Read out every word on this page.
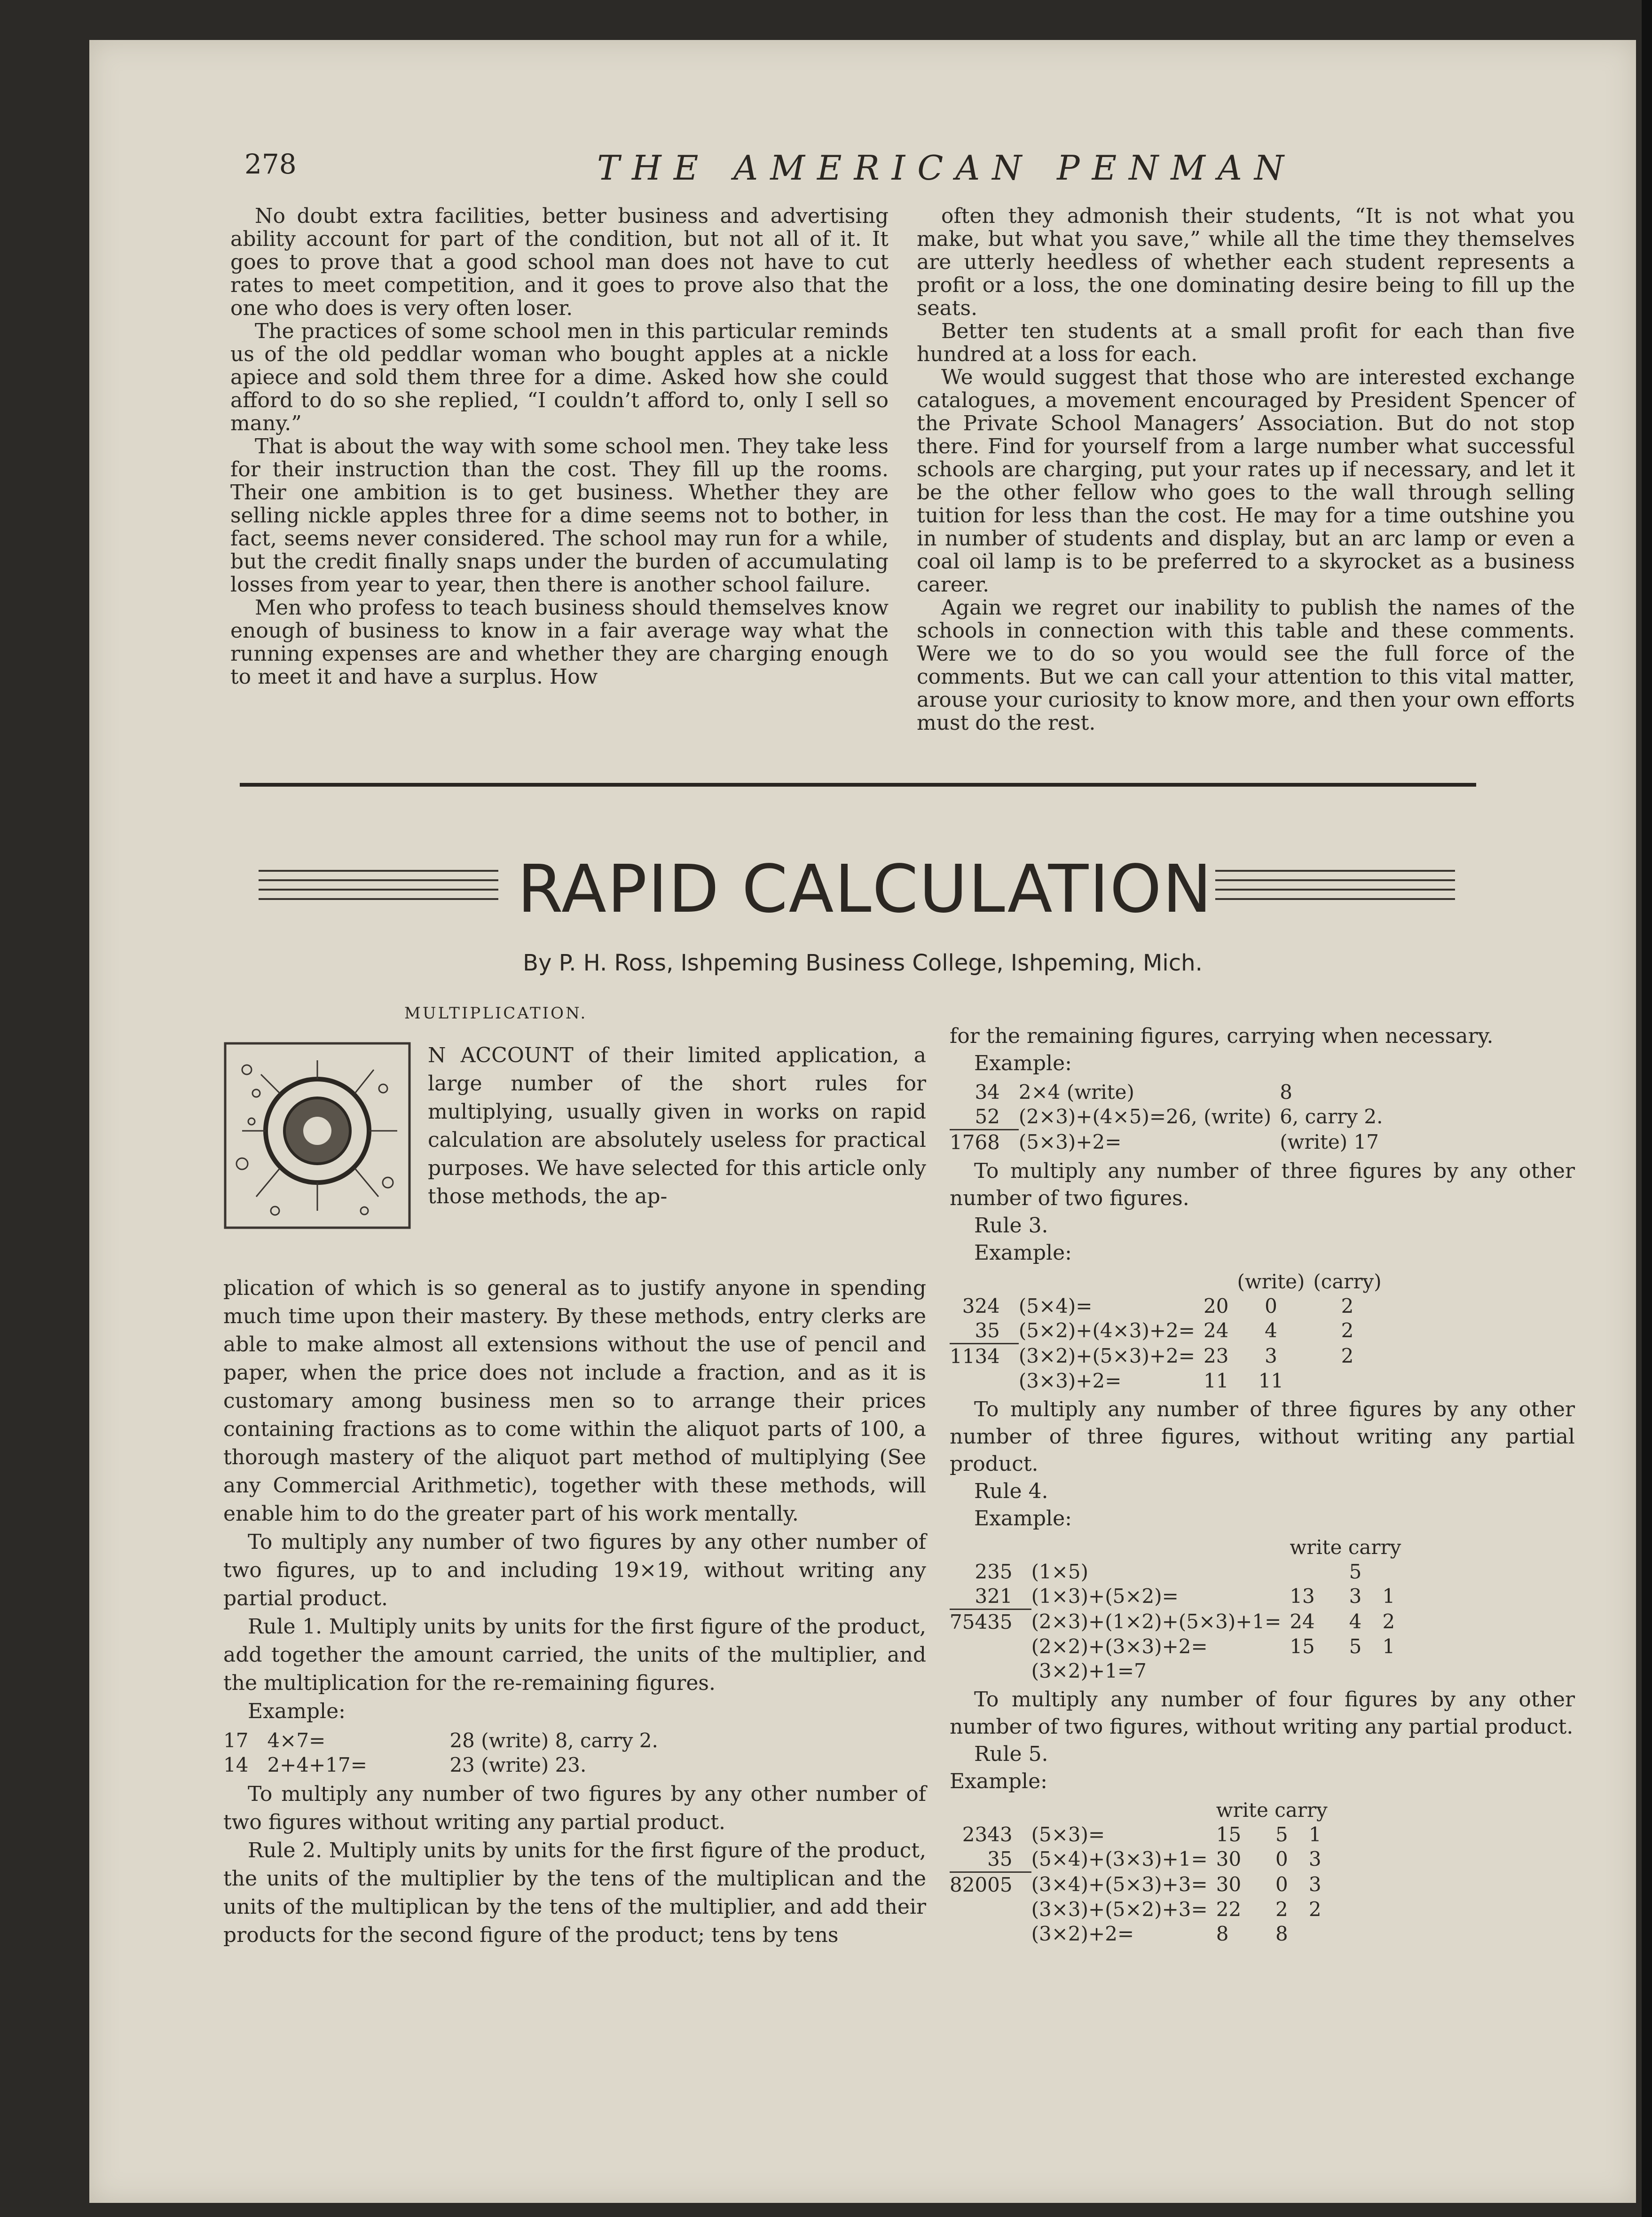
278	THE AMERICAN PENMAN

No doubt extra facilities, better business and advertising ability account for part of the condition, but not all of it. It goes to prove that a good school man does not have to cut rates to meet competition, and it goes to prove also that the one who does is very often loser.

The practices of some school men in this particular reminds us of the old peddlar woman who bought apples at a nickle apiece and sold them three for a dime. Asked how she could afford to do so she replied, “I couldn’t afford to, only I sell so many.”

That is about the way with some school men. They take less for their instruction than the cost. They fill up the rooms. Their one ambition is to get business. Whether they are selling nickle apples three for a dime seems not to bother, in fact, seems never considered. The school may run for a while, but the credit finally snaps under the burden of accumulating losses from year to year, then there is another school failure.

Men who profess to teach business should themselves know enough of business to know in a fair average way what the running expenses are and whether they are charging enough to meet it and have a surplus. How

often they admonish their students, “It is not what you make, but what you save,” while all the time they themselves are utterly heedless of whether each student represents a profit or a loss, the one dominating desire being to fill up the seats.

Better ten students at a small profit for each than five hundred at a loss for each.

We would suggest that those who are interested exchange catalogues, a movement encouraged by President Spencer of the Private School Managers’ Association. But do not stop there. Find for yourself from a large number what successful schools are charging, put your rates up if necessary, and let it be the other fellow who goes to the wall through selling tuition for less than the cost. He may for a time outshine you in number of students and display, but an arc lamp or even a coal oil lamp is to be preferred to a skyrocket as a business career.

Again we regret our inability to publish the names of the schools in connection with this table and these comments. Were we to do so you would see the full force of the comments. But we can call your attention to this vital matter, arouse your curiosity to know more, and then your own efforts must do the rest.

RAPID CALCULATION
By P. H. Ross, Ishpeming Business College, Ishpeming, Mich.
MULTIPLICATION.

N ACCOUNT of their limited application, a large number of the short rules for multiplying, usually given in works on rapid calculation are absolutely useless for practical purposes. We have selected for this article only those methods, the ap-

plication of which is so general as to justify anyone in spending much time upon their mastery. By these methods, entry clerks are able to make almost all extensions without the use of pencil and paper, when the price does not include a fraction, and as it is customary among business men so to arrange their prices containing fractions as to come within the aliquot parts of 100, a thorough mastery of the aliquot part method of multiplying (See any Commercial Arithmetic), together with these methods, will enable him to do the greater part of his work mentally.

To multiply any number of two figures by any other number of two figures, up to and including 19×19, without writing any partial product.

Rule 1. Multiply units by units for the first figure of the product, add together the amount carried, the units of the multiplier, and the multiplication for the re-remaining figures.

Example:

17	4×7=	28 (write) 8, carry 2.
14	2+4+17=	23 (write) 23.

To multiply any number of two figures by any other number of two figures without writing any partial product.

Rule 2. Multiply units by units for the first figure of the product, the units of the multiplier by the tens of the multiplican and the units of the multiplican by the tens of the multiplier, and add their products for the second figure of the product; tens by tens

for the remaining figures, carrying when necessary.

Example:

34	2×4 (write)	8
52	(2×3)+(4×5)=26, (write)	6, carry 2.
1768	(5×3)+2=	(write) 17

To multiply any number of three figures by any other number of two figures.

Rule 3.

Example:

			(write)	(carry)
324	(5×4)=	20	0	2
35	(5×2)+(4×3)+2=	24	4	2
1134	(3×2)+(5×3)+2=	23	3	2
	(3×3)+2=	11	11	

To multiply any number of three figures by any other number of three figures, without writing any partial product.

Rule 4.

Example:

		write carry		
235	(1×5)		5	
321	(1×3)+(5×2)=	13	3	1
75435	(2×3)+(1×2)+(5×3)+1=	24	4	2
	(2×2)+(3×3)+2=	15	5	1
	(3×2)+1=7			

To multiply any number of four figures by any other number of two figures, without writing any partial product.

Rule 5.

Example:

		write carry		
2343	(5×3)=	15	5	1
35	(5×4)+(3×3)+1=	30	0	3
82005	(3×4)+(5×3)+3=	30	0	3
	(3×3)+(5×2)+3=	22	2	2
	(3×2)+2=	8	8	
